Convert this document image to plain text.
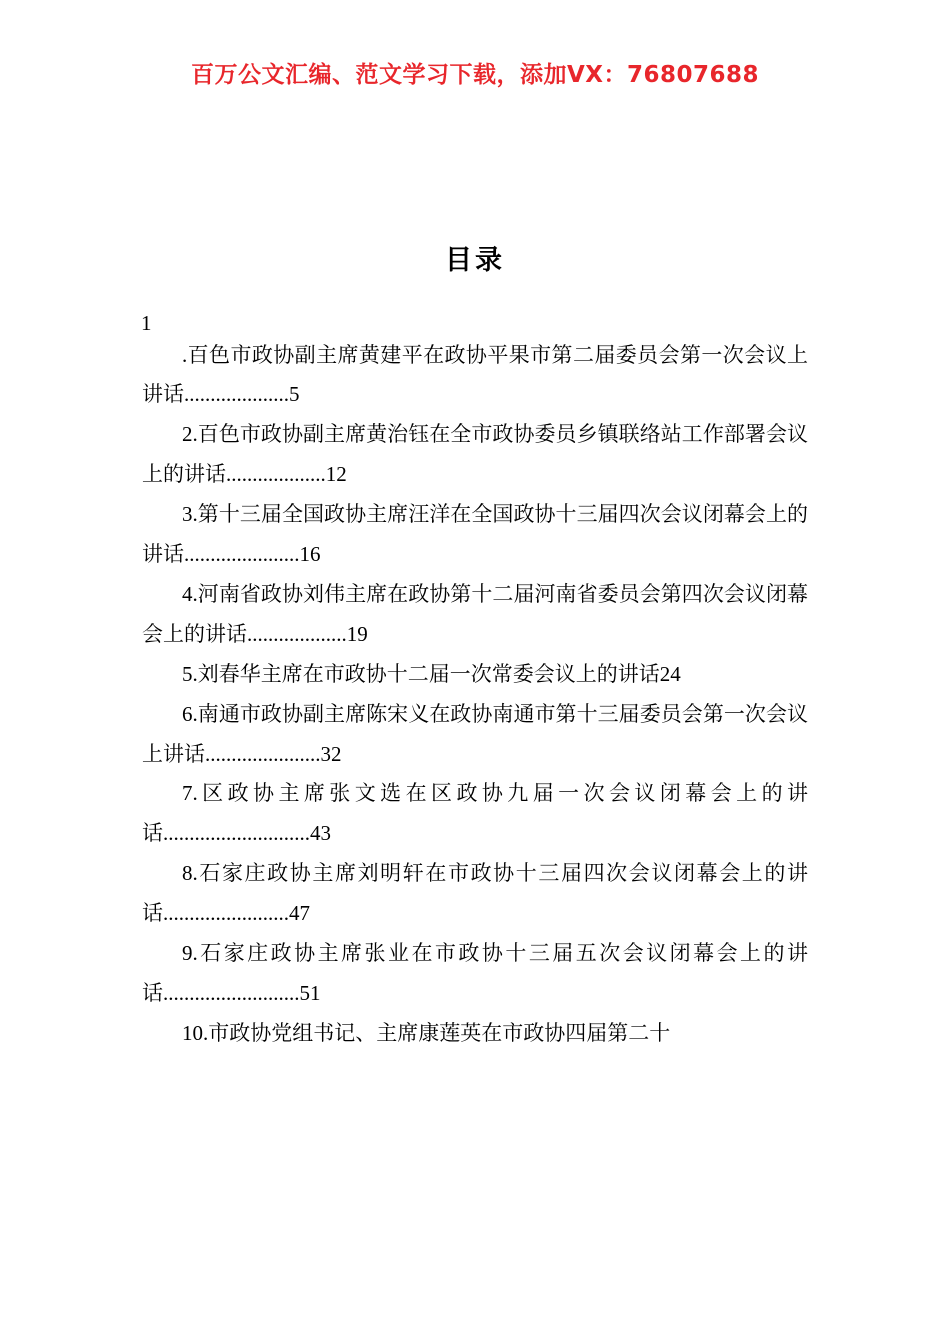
百万公文汇编、范文学习下载，添加VX：76807688
目录
1

.百色市政协副主席黄建平在政协平果市第二届委员会第一次会议上讲话....................5

2.百色市政协副主席黄治钰在全市政协委员乡镇联络站工作部署会议上的讲话...................12

3.第十三届全国政协主席汪洋在全国政协十三届四次会议闭幕会上的讲话......................16

4.河南省政协刘伟主席在政协第十二届河南省委员会第四次会议闭幕会上的讲话...................19

5.刘春华主席在市政协十二届一次常委会议上的讲话24

6.南通市政协副主席陈宋义在政协南通市第十三届委员会第一次会议上讲话......................32

7.区政协主席张文选在区政协九届一次会议闭幕会上的讲话............................43

8.石家庄政协主席刘明轩在市政协十三届四次会议闭幕会上的讲话........................47

9.石家庄政协主席张业在市政协十三届五次会议闭幕会上的讲话..........................51

10.市政协党组书记、主席康莲英在市政协四届第二十
